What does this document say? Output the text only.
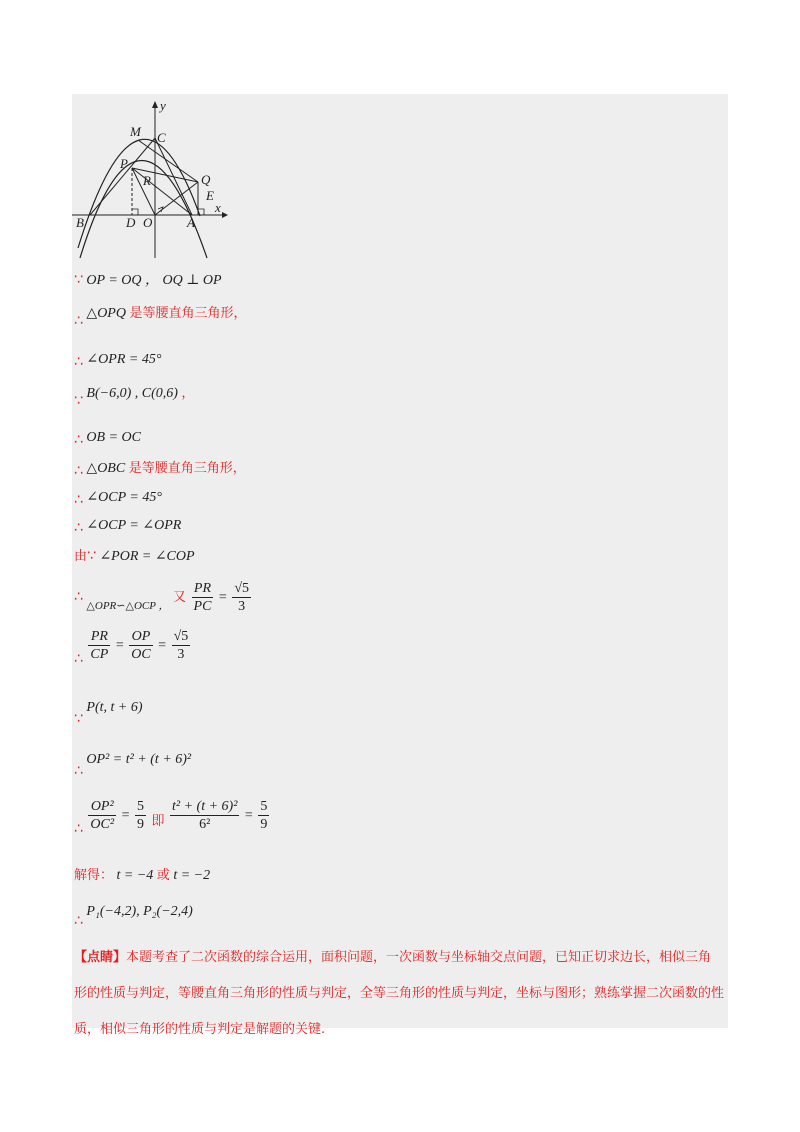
y
x
M C
P
R	Q
E
B	D O	A
∵ OP = OQ ， OQ ⊥ OP
∴ △OPQ 是等腰直角三角形，
∴ ∠OPR = 45°
∵ B(−6,0) , C(0,6) ，
∴ OB = OC
∴ △OBC 是等腰直角三角形，
∴ ∠OCP = 45°
∴ ∠OCP = ∠OPR
由∵ ∠POR = ∠COP
∴ $_{\triangle OPR∽\triangle OCP ,}$ 又 $\frac{PR}{PC} = \frac{√5}{3}$
∴ $\frac{PR}{CP} = \frac{OP}{OC} = \frac{√5}{3}$
∵ P(t, t + 6)
∴ OP² = t² + (t + 6)²
∴ $\frac{\text{OP²}}{\text{OC²}} = \frac{5}{9}$ 即 $\frac{\text{t² + (t + 6)²}}{\text{6²}} = \frac{5}{9}$
解得： t = −4 或 t = −2
∴ P₁(−4,2), P₂(−2,4)
【点睛】本题考查了二次函数的综合运用，面积问题，一次函数与坐标轴交点问题，已知正切求边长，相似三角形的性质与判定，等腰直角三角形的性质与判定，全等三角形的性质与判定，坐标与图形；熟练掌握二次函数的性质，相似三角形的性质与判定是解题的关键.
